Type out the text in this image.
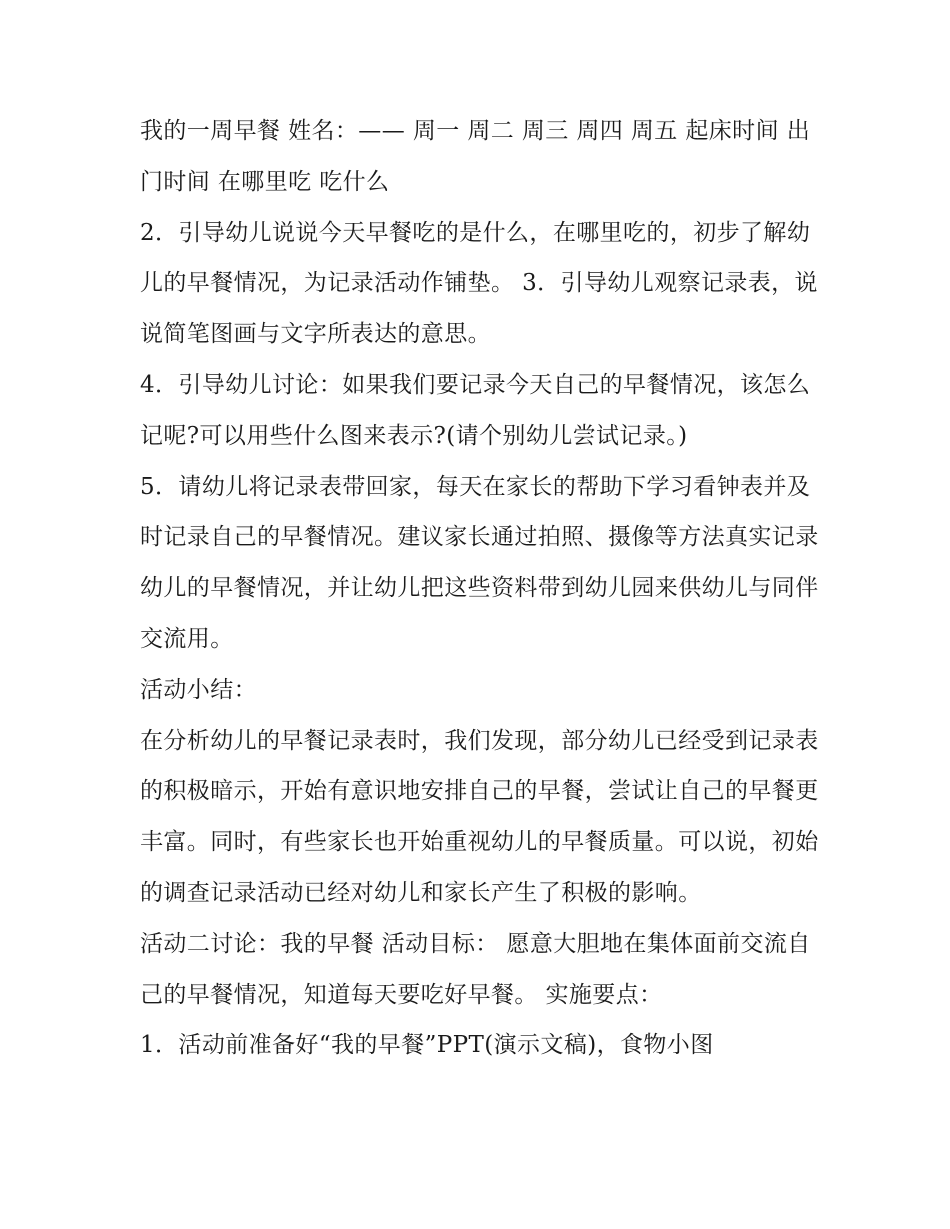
我的一周早餐 姓名：—— 周一 周二 周三 周四 周五 起床时间 出门时间 在哪里吃 吃什么

2．引导幼儿说说今天早餐吃的是什么，在哪里吃的，初步了解幼儿的早餐情况，为记录活动作铺垫。 3．引导幼儿观察记录表，说说简笔图画与文字所表达的意思。

4．引导幼儿讨论：如果我们要记录今天自己的早餐情况，该怎么记呢?可以用些什么图来表示?(请个别幼儿尝试记录。)

5．请幼儿将记录表带回家，每天在家长的帮助下学习看钟表并及时记录自己的早餐情况。建议家长通过拍照、摄像等方法真实记录幼儿的早餐情况，并让幼儿把这些资料带到幼儿园来供幼儿与同伴交流用。

活动小结：

在分析幼儿的早餐记录表时，我们发现，部分幼儿已经受到记录表的积极暗示，开始有意识地安排自己的早餐，尝试让自己的早餐更丰富。同时，有些家长也开始重视幼儿的早餐质量。可以说，初始的调查记录活动已经对幼儿和家长产生了积极的影响。

活动二讨论：我的早餐 活动目标： 愿意大胆地在集体面前交流自己的早餐情况，知道每天要吃好早餐。 实施要点：

1．活动前准备好“我的早餐”PPT(演示文稿)，食物小图
